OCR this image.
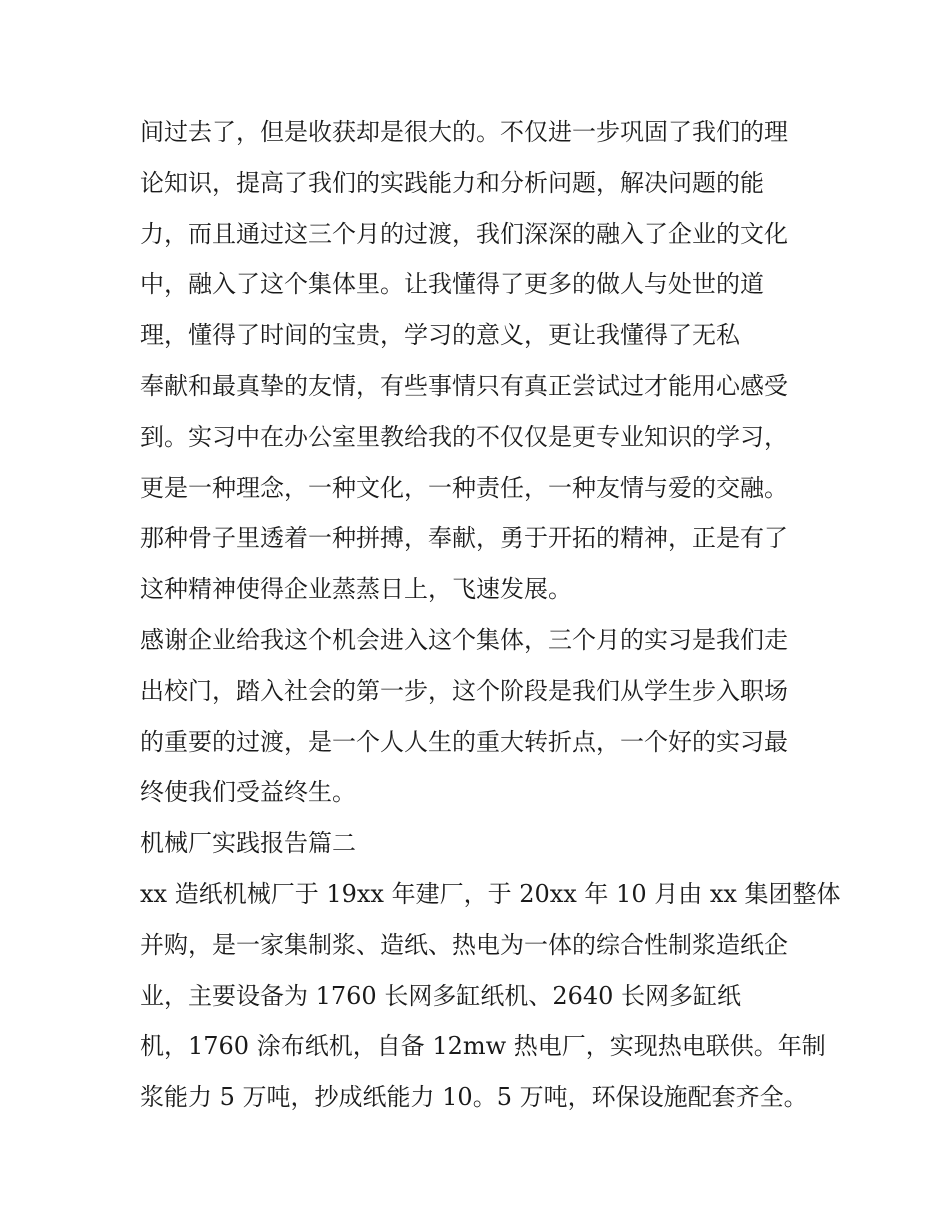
间过去了，但是收获却是很大的。不仅进一步巩固了我们的理
论知识，提高了我们的实践能力和分析问题，解决问题的能
力，而且通过这三个月的过渡，我们深深的融入了企业的文化
中，融入了这个集体里。让我懂得了更多的做人与处世的道
理，懂得了时间的宝贵，学习的意义，更让我懂得了无私
奉献和最真挚的友情，有些事情只有真正尝试过才能用心感受
到。实习中在办公室里教给我的不仅仅是更专业知识的学习，
更是一种理念，一种文化，一种责任，一种友情与爱的交融。
那种骨子里透着一种拼搏，奉献，勇于开拓的精神，正是有了
这种精神使得企业蒸蒸日上，飞速发展。
感谢企业给我这个机会进入这个集体，三个月的实习是我们走
出校门，踏入社会的第一步，这个阶段是我们从学生步入职场
的重要的过渡，是一个人人生的重大转折点，一个好的实习最
终使我们受益终生。
机械厂实践报告篇二
xx 造纸机械厂于 19xx 年建厂，于 20xx 年 10 月由 xx 集团整体
并购，是一家集制浆、造纸、热电为一体的综合性制浆造纸企
业，主要设备为 1760 长网多缸纸机、2640 长网多缸纸
机，1760 涂布纸机，自备 12mw 热电厂，实现热电联供。年制
浆能力 5 万吨，抄成纸能力 10。5 万吨，环保设施配套齐全。
